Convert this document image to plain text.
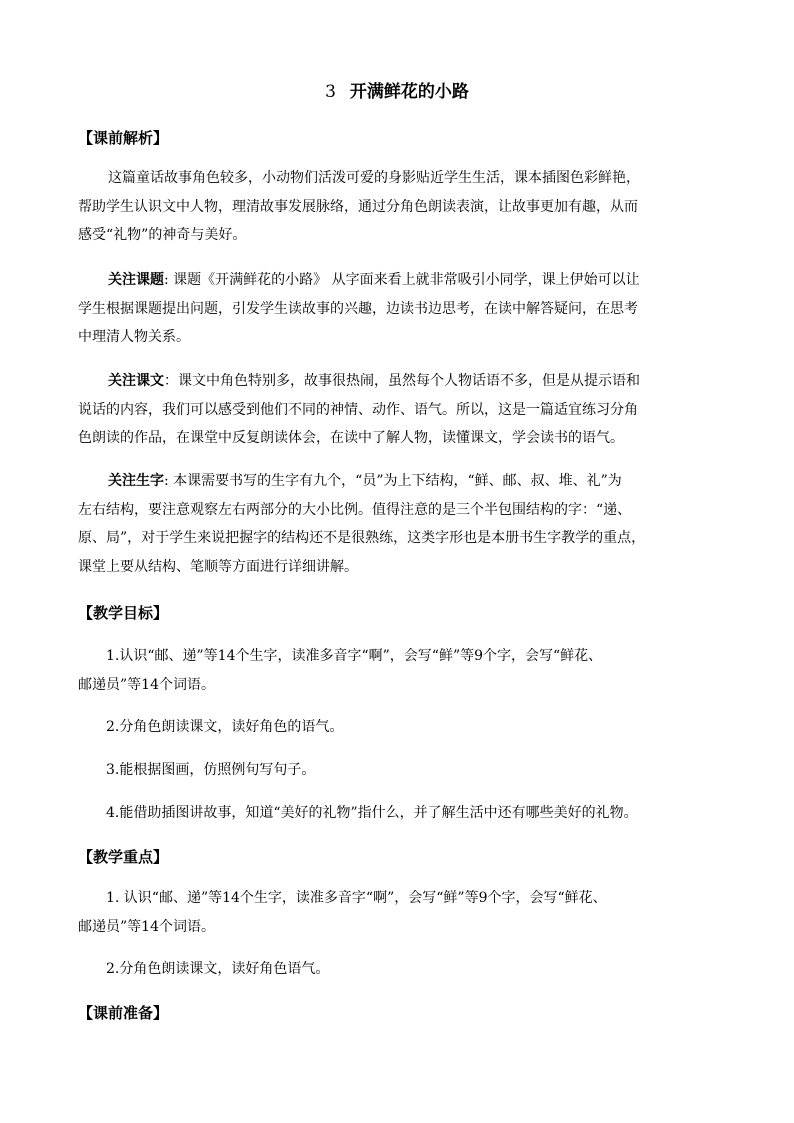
3 开满鲜花的小路
【课前解析】
这篇童话故事角色较多，小动物们活泼可爱的身影贴近学生生活，课本插图色彩鲜艳，
帮助学生认识文中人物，理清故事发展脉络，通过分角色朗读表演，让故事更加有趣，从而
感受“礼物”的神奇与美好。
关注课题: 课题《开满鲜花的小路》 从字面来看上就非常吸引小同学，课上伊始可以让
学生根据课题提出问题，引发学生读故事的兴趣，边读书边思考，在读中解答疑问，在思考
中理清人物关系。
关注课文：课文中角色特别多，故事很热闹，虽然每个人物话语不多，但是从提示语和
说话的内容，我们可以感受到他们不同的神情、动作、语气。所以，这是一篇适宜练习分角
色朗读的作品，在课堂中反复朗读体会，在读中了解人物，读懂课文，学会读书的语气。
关注生字: 本课需要书写的生字有九个，“员”为上下结构，“鲜、邮、叔、堆、礼”为
左右结构，要注意观察左右两部分的大小比例。值得注意的是三个半包围结构的字：“递、
原、局”，对于学生来说把握字的结构还不是很熟练，这类字形也是本册书生字教学的重点，
课堂上要从结构、笔顺等方面进行详细讲解。
【教学目标】
1.认识“邮、递”等14个生字，读准多音字“啊”，会写“鲜”等9个字，会写“鲜花、
邮递员”等14个词语。
2.分角色朗读课文，读好角色的语气。
3.能根据图画，仿照例句写句子。
4.能借助插图讲故事，知道“美好的礼物”指什么，并了解生活中还有哪些美好的礼物。
【教学重点】
1. 认识“邮、递”等14个生字，读准多音字“啊”，会写“鲜”等9个字，会写“鲜花、
邮递员”等14个词语。
2.分角色朗读课文，读好角色语气。
【课前准备】
